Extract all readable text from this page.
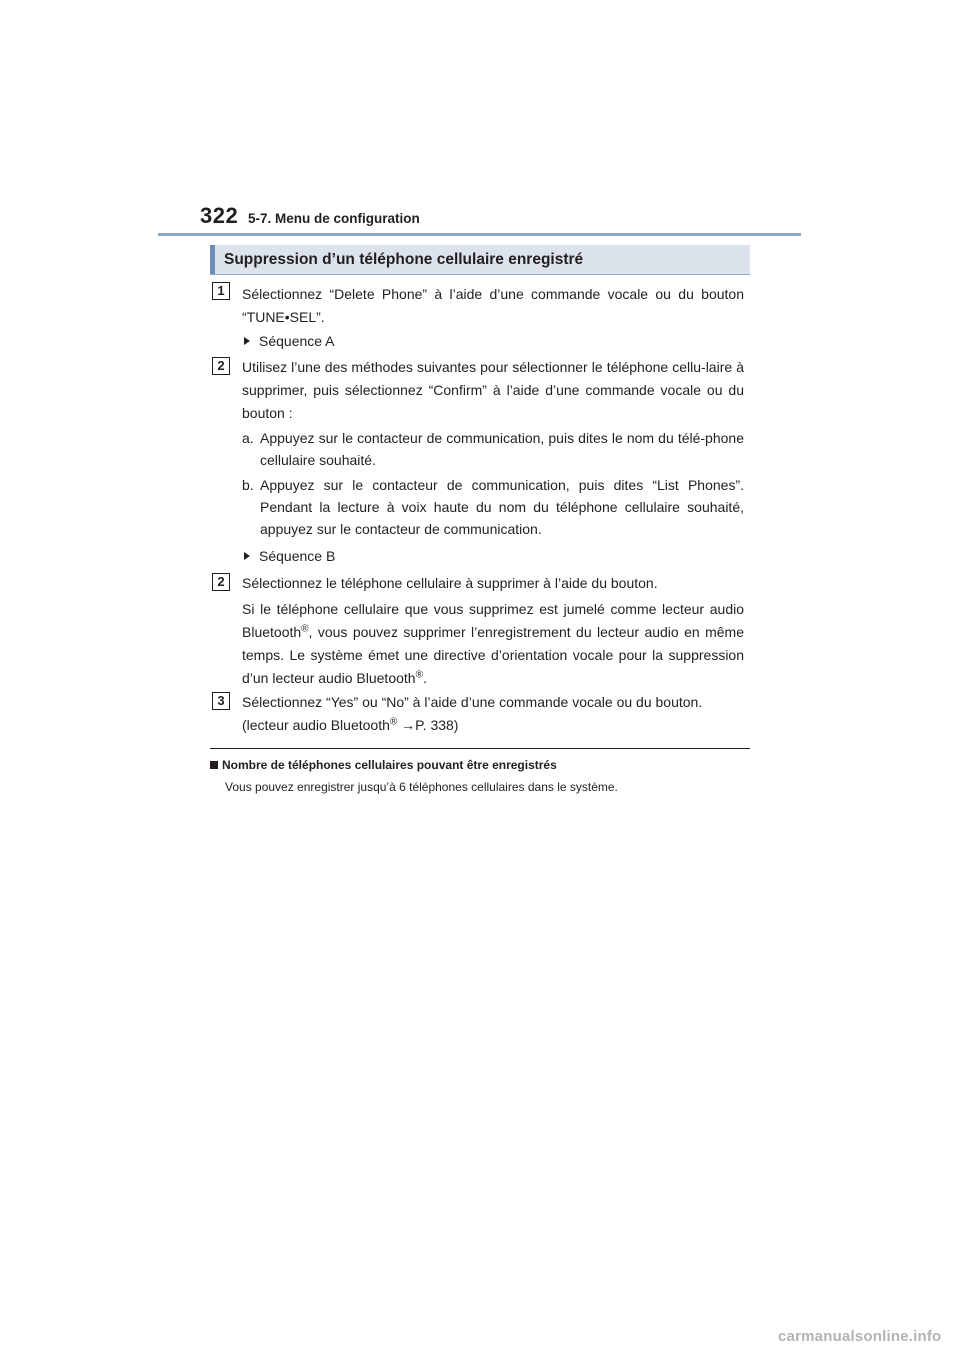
322 5-7. Menu de configuration
Suppression d’un téléphone cellulaire enregistré
1	Sélectionnez “Delete Phone” à l’aide d’une commande vocale ou du bouton “TUNE•SEL”.
Séquence A
2	Utilisez l’une des méthodes suivantes pour sélectionner le téléphone cellu-laire à supprimer, puis sélectionnez “Confirm” à l’aide d’une commande vocale ou du bouton :
a. Appuyez sur le contacteur de communication, puis dites le nom du télé-phone cellulaire souhaité.
b. Appuyez sur le contacteur de communication, puis dites “List Phones”. Pendant la lecture à voix haute du nom du téléphone cellulaire souhaité, appuyez sur le contacteur de communication.
Séquence B
2	Sélectionnez le téléphone cellulaire à supprimer à l’aide du bouton.
Si le téléphone cellulaire que vous supprimez est jumelé comme lecteur audio Bluetooth®, vous pouvez supprimer l’enregistrement du lecteur audio en même temps. Le système émet une directive d’orientation vocale pour la suppression d’un lecteur audio Bluetooth®.
3	Sélectionnez “Yes” ou “No” à l’aide d’une commande vocale ou du bouton.
(lecteur audio Bluetooth® →P. 338)
Nombre de téléphones cellulaires pouvant être enregistrés
Vous pouvez enregistrer jusqu’à 6 téléphones cellulaires dans le système.
carmanualsonline.info
